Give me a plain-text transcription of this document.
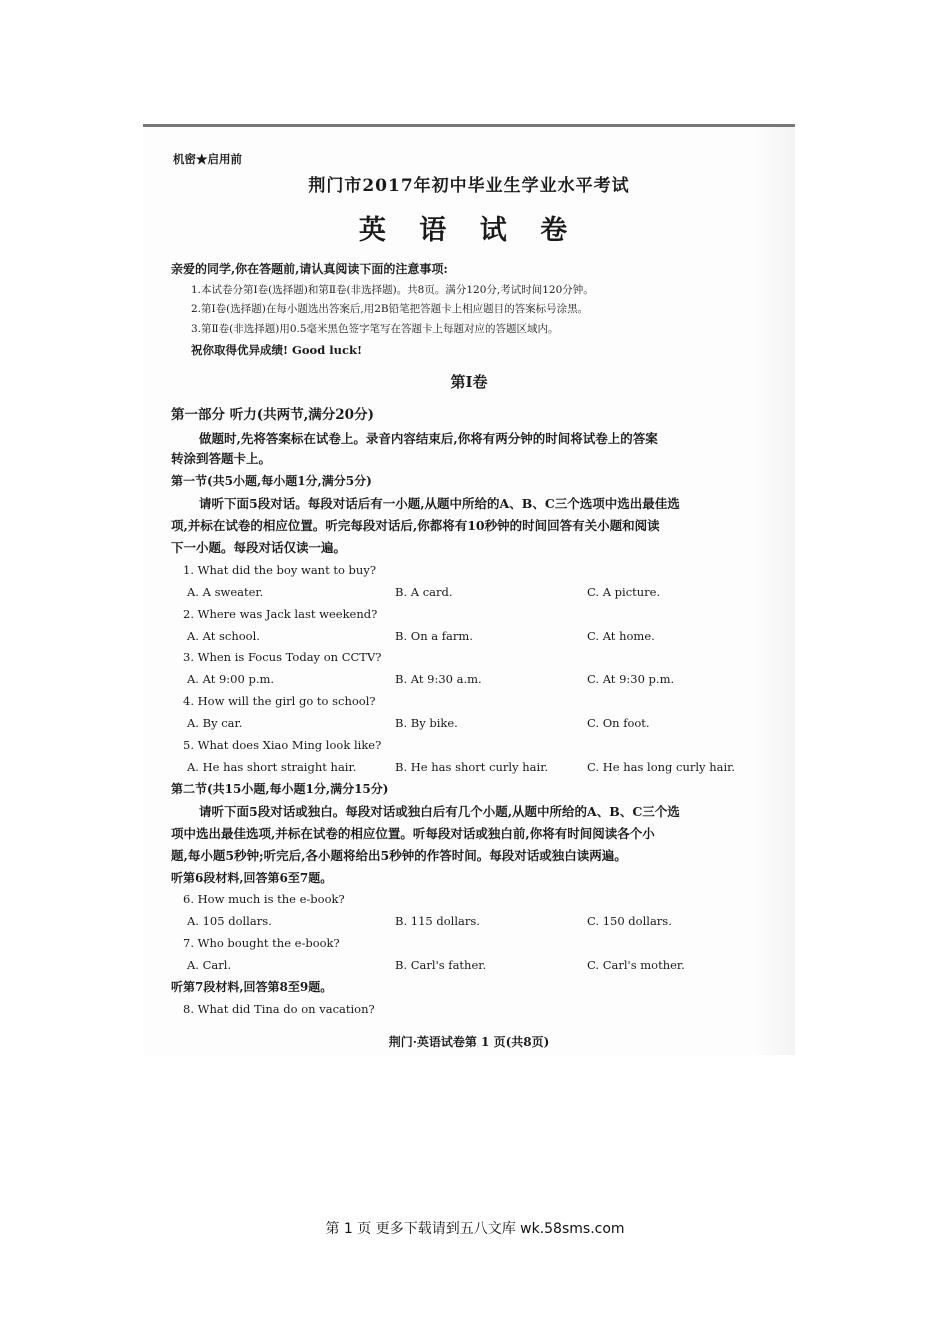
机密★启用前
荆门市2017年初中毕业生学业水平考试
英 语 试 卷
亲爱的同学,你在答题前,请认真阅读下面的注意事项:
1.本试卷分第Ⅰ卷(选择题)和第Ⅱ卷(非选择题)。共8页。满分120分,考试时间120分钟。
2.第Ⅰ卷(选择题)在每小题选出答案后,用2B铅笔把答题卡上相应题目的答案标号涂黑。
3.第Ⅱ卷(非选择题)用0.5毫米黑色签字笔写在答题卡上每题对应的答题区域内。
祝你取得优异成绩! Good luck!
第Ⅰ卷
第一部分 听力(共两节,满分20分)
做题时,先将答案标在试卷上。录音内容结束后,你将有两分钟的时间将试卷上的答案
转涂到答题卡上。
第一节(共5小题,每小题1分,满分5分)
请听下面5段对话。每段对话后有一小题,从题中所给的A、B、C三个选项中选出最佳选
项,并标在试卷的相应位置。听完每段对话后,你都将有10秒钟的时间回答有关小题和阅读
下一小题。每段对话仅读一遍。
1. What did the boy want to buy?
A. A sweater.	B. A card.	C. A picture.
2. Where was Jack last weekend?
A. At school.	B. On a farm.	C. At home.
3. When is Focus Today on CCTV?
A. At 9:00 p.m.	B. At 9:30 a.m.	C. At 9:30 p.m.
4. How will the girl go to school?
A. By car.	B. By bike.	C. On foot.
5. What does Xiao Ming look like?
A. He has short straight hair.	B. He has short curly hair.	C. He has long curly hair.
第二节(共15小题,每小题1分,满分15分)
请听下面5段对话或独白。每段对话或独白后有几个小题,从题中所给的A、B、C三个选
项中选出最佳选项,并标在试卷的相应位置。听每段对话或独白前,你将有时间阅读各个小
题,每小题5秒钟;听完后,各小题将给出5秒钟的作答时间。每段对话或独白读两遍。
听第6段材料,回答第6至7题。
6. How much is the e-book?
A. 105 dollars.	B. 115 dollars.	C. 150 dollars.
7. Who bought the e-book?
A. Carl.	B. Carl's father.	C. Carl's mother.
听第7段材料,回答第8至9题。
8. What did Tina do on vacation?
荆门·英语试卷第 1 页(共8页)
第 1 页 更多下载请到五八文库 wk.58sms.com
